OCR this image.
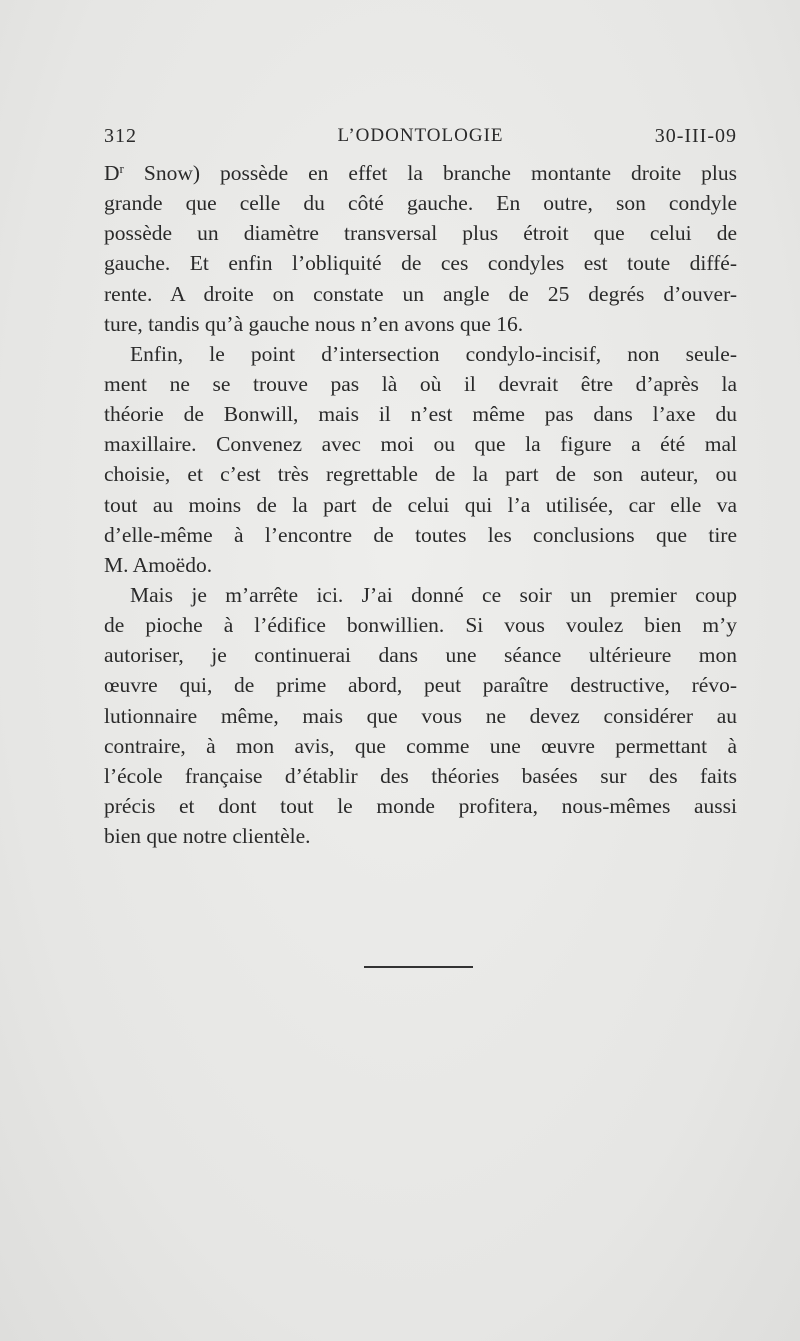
312	L’ODONTOLOGIE	30-III-09
$D^r$ Snow) possède en effet la branche montante droite plus
grande que celle du côté gauche. En outre, son condyle
possède un diamètre transversal plus étroit que celui de
gauche. Et enfin l’obliquité de ces condyles est toute diffé-
rente. A droite on constate un angle de 25 degrés d’ouver-
ture, tandis qu’à gauche nous n’en avons que 16.
Enfin, le point d’intersection condylo-incisif, non seule-
ment ne se trouve pas là où il devrait être d’après la
théorie de Bonwill, mais il n’est même pas dans l’axe du
maxillaire. Convenez avec moi ou que la figure a été mal
choisie, et c’est très regrettable de la part de son auteur, ou
tout au moins de la part de celui qui l’a utilisée, car elle va
d’elle-même à l’encontre de toutes les conclusions que tire
M. Amoëdo.
Mais je m’arrête ici. J’ai donné ce soir un premier coup
de pioche à l’édifice bonwillien. Si vous voulez bien m’y
autoriser, je continuerai dans une séance ultérieure mon
œuvre qui, de prime abord, peut paraître destructive, révo-
lutionnaire même, mais que vous ne devez considérer au
contraire, à mon avis, que comme une œuvre permettant à
l’école française d’établir des théories basées sur des faits
précis et dont tout le monde profitera, nous-mêmes aussi
bien que notre clientèle.
